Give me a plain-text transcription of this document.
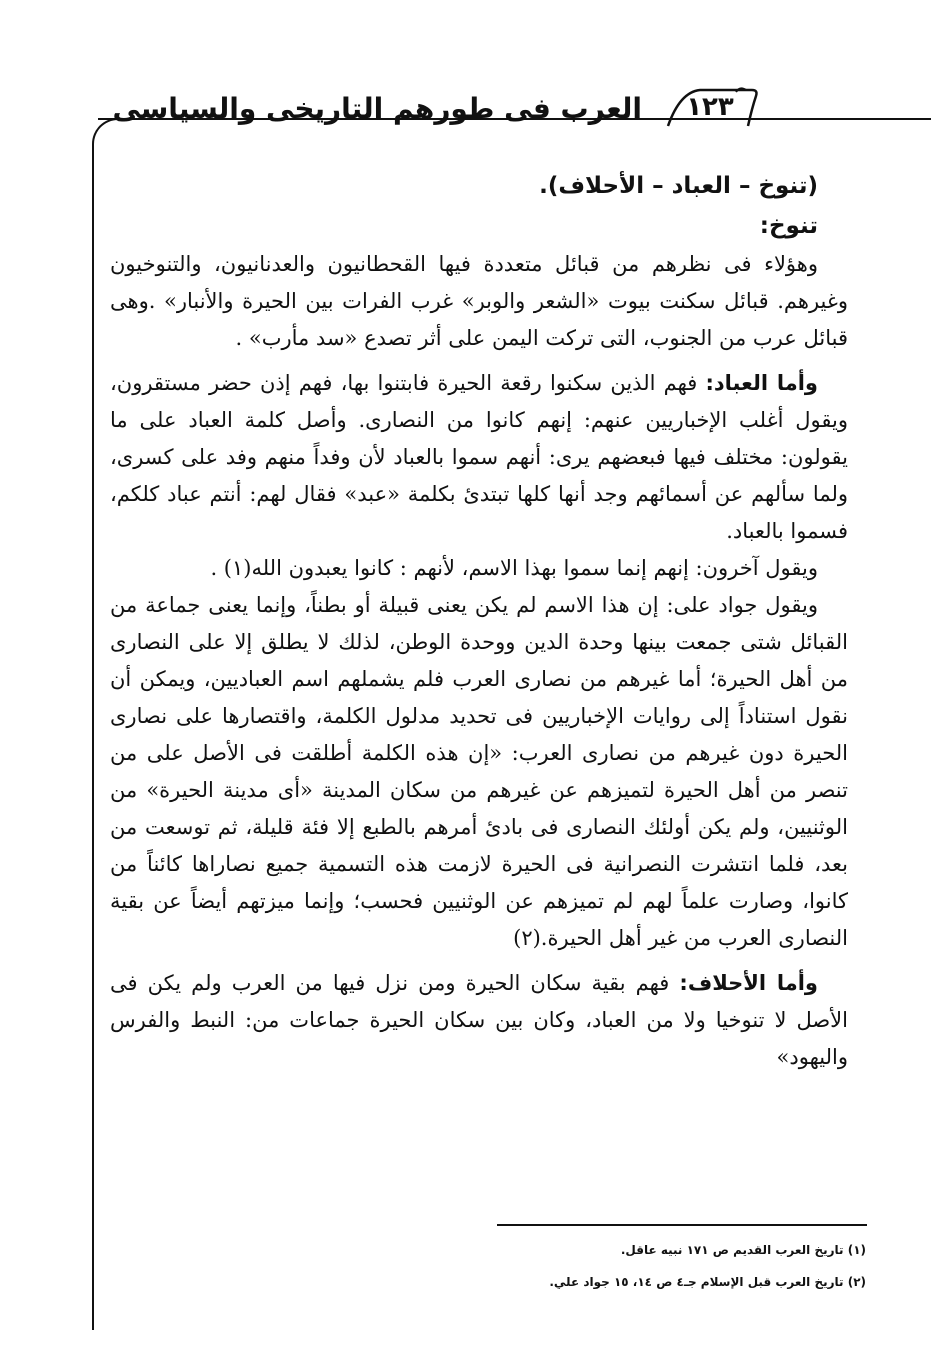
١٢٣
العرب فى طورهم التاريخى والسياسى

(تنوخ – العباد – الأحلاف).

تنوخ:

وهؤلاء فى نظرهم من قبائل متعددة فيها القحطانيون والعدنانيون، والتنوخيون وغيرهم. قبائل سكنت بيوت «الشعر والوبر» غرب الفرات بين الحيرة والأنبار» .وهى قبائل عرب من الجنوب، التى تركت اليمن على أثر تصدع «سد مأرب» .

وأما العباد: فهم الذين سكنوا رقعة الحيرة فابتنوا بها، فهم إذن حضر مستقرون، ويقول أغلب الإخباريين عنهم: إنهم كانوا من النصارى. وأصل كلمة العباد على ما يقولون: مختلف فيها فبعضهم يرى: أنهم سموا بالعباد لأن وفداً منهم وفد على كسرى، ولما سألهم عن أسمائهم وجد أنها كلها تبتدئ بكلمة «عبد» فقال لهم: أنتم عباد كلكم، فسموا بالعباد.

ويقول آخرون: إنهم إنما سموا بهذا الاسم، لأنهم : كانوا يعبدون الله(١) .

ويقول جواد على: إن هذا الاسم لم يكن يعنى قبيلة أو بطناً، وإنما يعنى جماعة من القبائل شتى جمعت بينها وحدة الدين ووحدة الوطن، لذلك لا يطلق إلا على النصارى من أهل الحيرة؛ أما غيرهم من نصارى العرب فلم يشملهم اسم العباديين، ويمكن أن نقول استناداً إلى روايات الإخباريين فى تحديد مدلول الكلمة، واقتصارها على نصارى الحيرة دون غيرهم من نصارى العرب: «إن هذه الكلمة أطلقت فى الأصل على من تنصر من أهل الحيرة لتميزهم عن غيرهم من سكان المدينة «أى مدينة الحيرة» من الوثنيين، ولم يكن أولئك النصارى فى بادئ أمرهم بالطبع إلا فئة قليلة، ثم توسعت من بعد، فلما انتشرت النصرانية فى الحيرة لازمت هذه التسمية جميع نصاراها كائناً من كانوا، وصارت علماً لهم لم تميزهم عن الوثنيين فحسب؛ وإنما ميزتهم أيضاً عن بقية النصارى العرب من غير أهل الحيرة.(٢)

وأما الأحلاف: فهم بقية سكان الحيرة ومن نزل فيها من العرب ولم يكن فى الأصل لا تنوخيا ولا من العباد، وكان بين سكان الحيرة جماعات من: النبط والفرس واليهود»

(١) تاريخ العرب القديم ص ١٧١ نبيه عاقل.
(٢) تاريخ العرب قبل الإسلام جـ٤ ص ١٤، ١٥ جواد علي.
